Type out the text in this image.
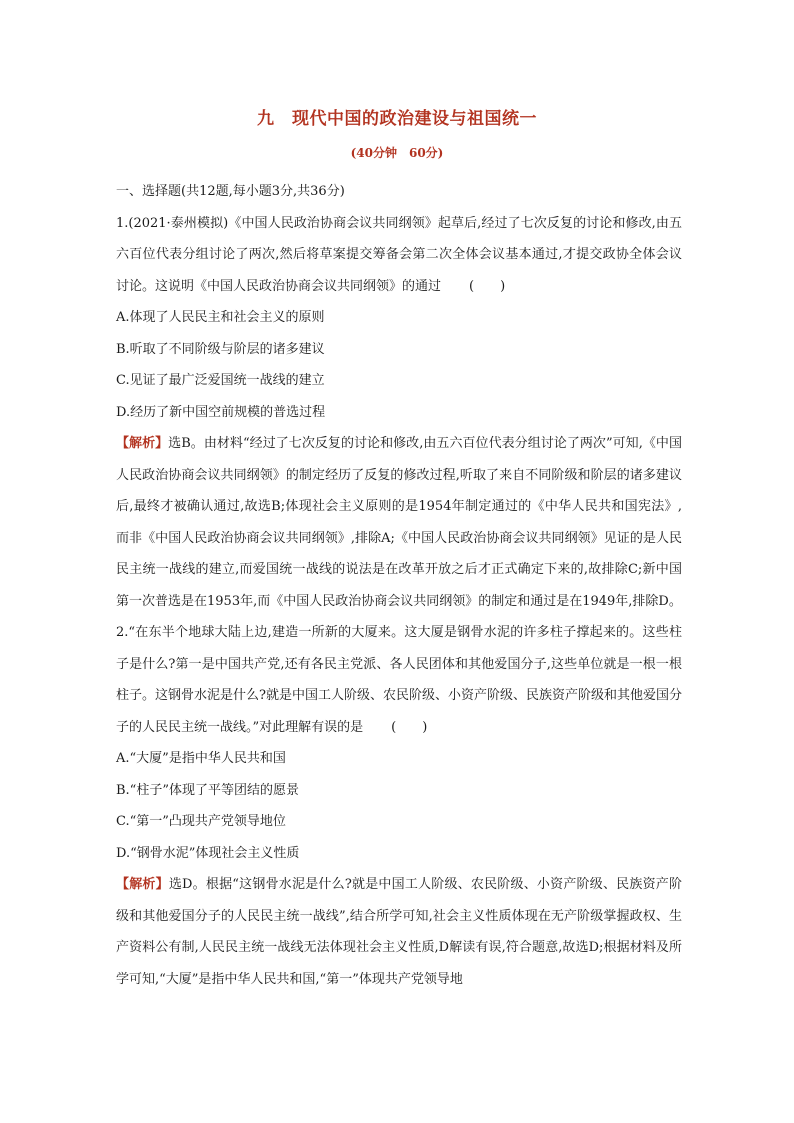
九　现代中国的政治建设与祖国统一
(40分钟　60分)

一、选择题(共12题,每小题3分,共36分)

1.(2021·泰州模拟)《中国人民政治协商会议共同纲领》起草后,经过了七次反复的讨论和修改,由五六百位代表分组讨论了两次,然后将草案提交筹备会第二次全体会议基本通过,才提交政协全体会议讨论。这说明《中国人民政治协商会议共同纲领》的通过 (　　)

A.体现了人民民主和社会主义的原则

B.听取了不同阶级与阶层的诸多建议

C.见证了最广泛爱国统一战线的建立

D.经历了新中国空前规模的普选过程

【解析】选B。由材料“经过了七次反复的讨论和修改,由五六百位代表分组讨论了两次”可知,《中国人民政治协商会议共同纲领》的制定经历了反复的修改过程,听取了来自不同阶级和阶层的诸多建议后,最终才被确认通过,故选B;体现社会主义原则的是1954年制定通过的《中华人民共和国宪法》,而非《中国人民政治协商会议共同纲领》,排除A;《中国人民政治协商会议共同纲领》见证的是人民民主统一战线的建立,而爱国统一战线的说法是在改革开放之后才正式确定下来的,故排除C;新中国第一次普选是在1953年,而《中国人民政治协商会议共同纲领》的制定和通过是在1949年,排除D。

2.“在东半个地球大陆上边,建造一所新的大厦来。这大厦是钢骨水泥的许多柱子撑起来的。这些柱子是什么?第一是中国共产党,还有各民主党派、各人民团体和其他爱国分子,这些单位就是一根一根柱子。这钢骨水泥是什么?就是中国工人阶级、农民阶级、小资产阶级、民族资产阶级和其他爱国分子的人民民主统一战线。”对此理解有误的是 (　　)

A.“大厦”是指中华人民共和国

B.“柱子”体现了平等团结的愿景

C.“第一”凸现共产党领导地位

D.“钢骨水泥”体现社会主义性质

【解析】选D。根据“这钢骨水泥是什么?就是中国工人阶级、农民阶级、小资产阶级、民族资产阶级和其他爱国分子的人民民主统一战线”,结合所学可知,社会主义性质体现在无产阶级掌握政权、生产资料公有制,人民民主统一战线无法体现社会主义性质,D解读有误,符合题意,故选D;根据材料及所学可知,“大厦”是指中华人民共和国,“第一”体现共产党领导地
